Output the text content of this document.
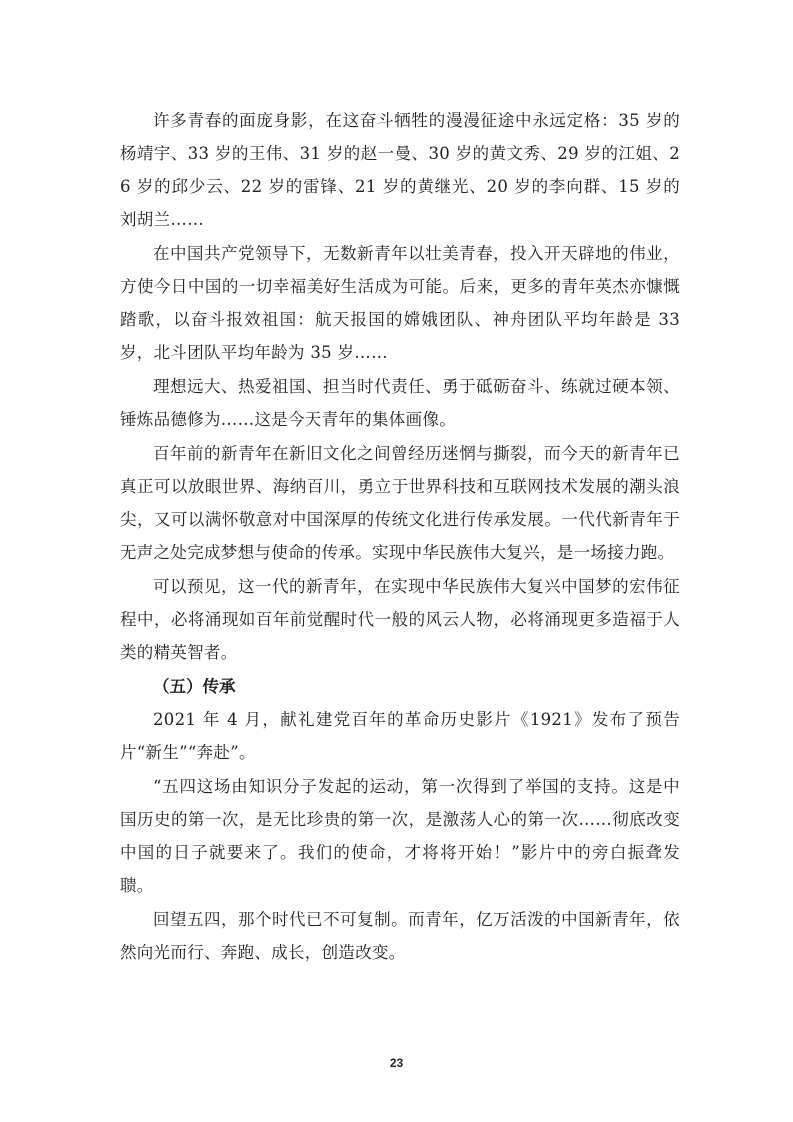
许多青春的面庞身影，在这奋斗牺牲的漫漫征途中永远定格：35 岁的杨靖宇、33 岁的王伟、31 岁的赵一曼、30 岁的黄文秀、29 岁的江姐、26 岁的邱少云、22 岁的雷锋、21 岁的黄继光、20 岁的李向群、15 岁的刘胡兰……

在中国共产党领导下，无数新青年以壮美青春，投入开天辟地的伟业，方使今日中国的一切幸福美好生活成为可能。后来，更多的青年英杰亦慷慨踏歌，以奋斗报效祖国：航天报国的嫦娥团队、神舟团队平均年龄是 33 岁，北斗团队平均年龄为 35 岁……

理想远大、热爱祖国、担当时代责任、勇于砥砺奋斗、练就过硬本领、锤炼品德修为……这是今天青年的集体画像。

百年前的新青年在新旧文化之间曾经历迷惘与撕裂，而今天的新青年已真正可以放眼世界、海纳百川，勇立于世界科技和互联网技术发展的潮头浪尖，又可以满怀敬意对中国深厚的传统文化进行传承发展。一代代新青年于无声之处完成梦想与使命的传承。实现中华民族伟大复兴，是一场接力跑。

可以预见，这一代的新青年，在实现中华民族伟大复兴中国梦的宏伟征程中，必将涌现如百年前觉醒时代一般的风云人物，必将涌现更多造福于人类的精英智者。

（五）传承

2021 年 4 月，献礼建党百年的革命历史影片《1921》发布了预告片“新生”“奔赴”。

“五四这场由知识分子发起的运动，第一次得到了举国的支持。这是中国历史的第一次，是无比珍贵的第一次，是激荡人心的第一次……彻底改变中国的日子就要来了。我们的使命，才将将开始！”影片中的旁白振聋发聩。

回望五四，那个时代已不可复制。而青年，亿万活泼的中国新青年，依然向光而行、奔跑、成长，创造改变。

23
